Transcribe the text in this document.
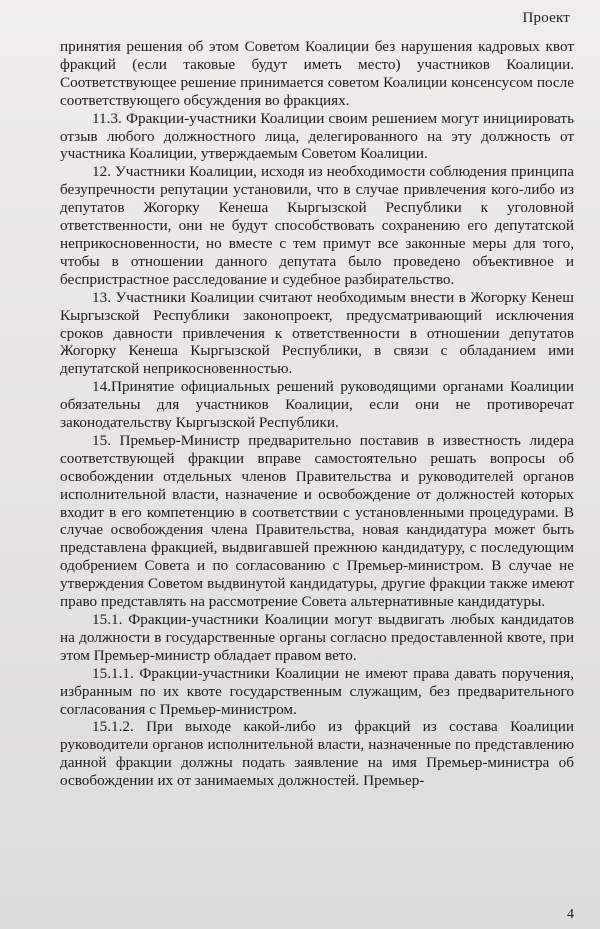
Проект

принятия решения об этом Советом Коалиции без нарушения кадровых квот фракций (если таковые будут иметь место) участников Коалиции. Соответствующее решение принимается советом Коалиции консенсусом после соответствующего обсуждения во фракциях.

11.3. Фракции-участники Коалиции своим решением могут инициировать отзыв любого должностного лица, делегированного на эту должность от участника Коалиции, утверждаемым Советом Коалиции.

12. Участники Коалиции, исходя из необходимости соблюдения принципа безупречности репутации установили, что в случае привлечения кого-либо из депутатов Жогорку Кенеша Кыргызской Республики к уголовной ответственности, они не будут способствовать сохранению его депутатской неприкосновенности, но вместе с тем примут все законные меры для того, чтобы в отношении данного депутата было проведено объективное и беспристрастное расследование и судебное разбирательство.

13. Участники Коалиции считают необходимым внести в Жогорку Кенеш Кыргызской Республики законопроект, предусматривающий исключения сроков давности привлечения к ответственности в отношении депутатов Жогорку Кенеша Кыргызской Республики, в связи с обладанием ими депутатской неприкосновенностью.

14.Принятие официальных решений руководящими органами Коалиции обязательны для участников Коалиции, если они не противоречат законодательству Кыргызской Республики.

15. Премьер-Министр предварительно поставив в известность лидера соответствующей фракции вправе самостоятельно решать вопросы об освобождении отдельных членов Правительства и руководителей органов исполнительной власти, назначение и освобождение от должностей которых входит в его компетенцию в соответствии с установленными процедурами. В случае освобождения члена Правительства, новая кандидатура может быть представлена фракцией, выдвигавшей прежнюю кандидатуру, с последующим одобрением Совета и по согласованию с Премьер-министром. В случае не утверждения Советом выдвинутой кандидатуры, другие фракции также имеют право представлять на рассмотрение Совета альтернативные кандидатуры.

15.1. Фракции-участники Коалиции могут выдвигать любых кандидатов на должности в государственные органы согласно предоставленной квоте, при этом Премьер-министр обладает правом вето.

15.1.1. Фракции-участники Коалиции не имеют права давать поручения, избранным по их квоте государственным служащим, без предварительного согласования с Премьер-министром.

15.1.2. При выходе какой-либо из фракций из состава Коалиции руководители органов исполнительной власти, назначенные по представлению данной фракции должны подать заявление на имя Премьер-министра об освобождении их от занимаемых должностей. Премьер-

4
